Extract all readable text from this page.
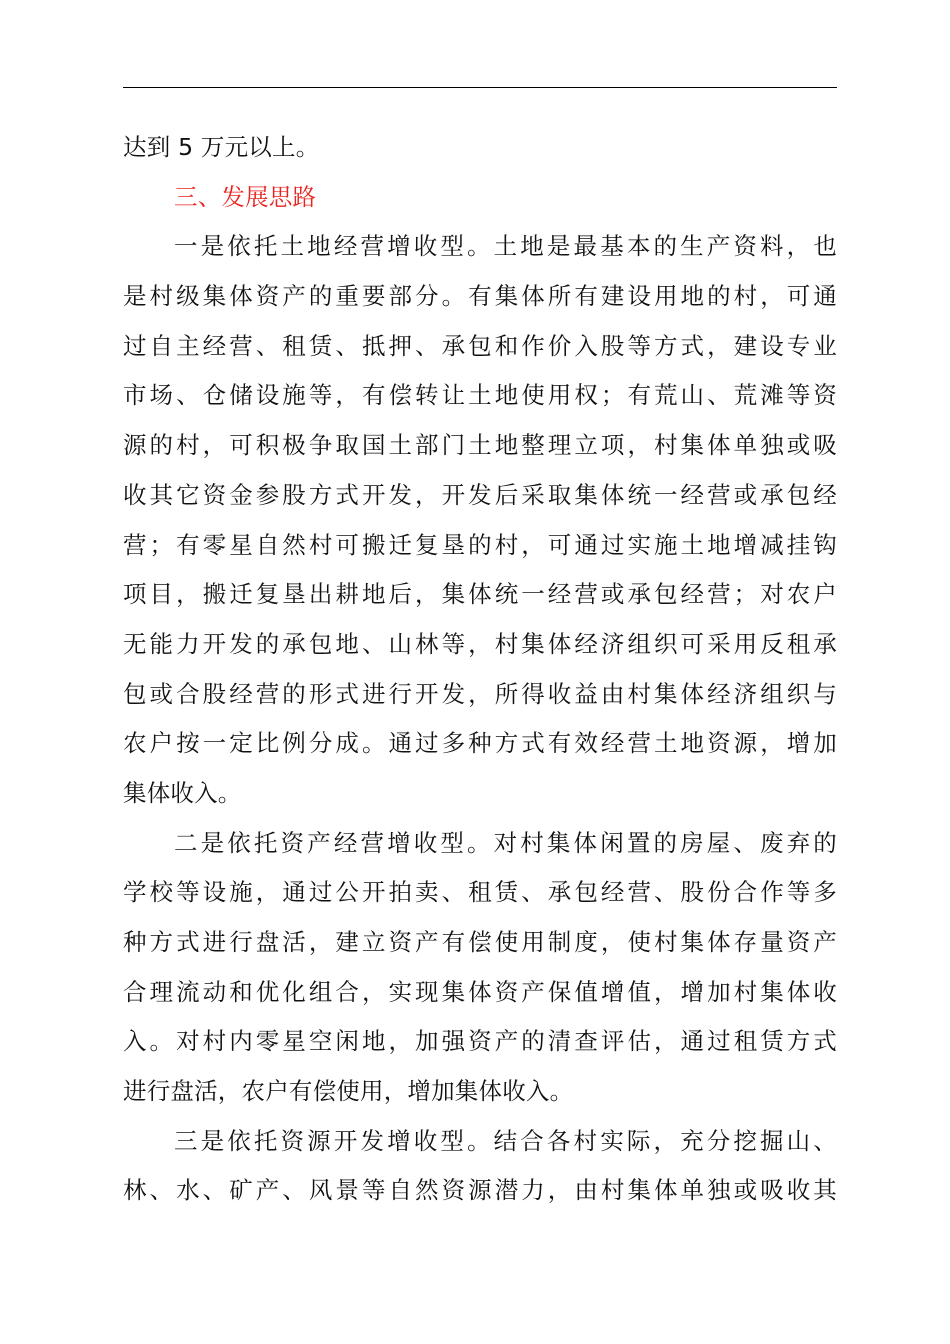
达到 5 万元以上。
三、发展思路
一是依托土地经营增收型。土地是最基本的生产资料，也
是村级集体资产的重要部分。有集体所有建设用地的村，可通
过自主经营、租赁、抵押、承包和作价入股等方式，建设专业
市场、仓储设施等，有偿转让土地使用权；有荒山、荒滩等资
源的村，可积极争取国土部门土地整理立项，村集体单独或吸
收其它资金参股方式开发，开发后采取集体统一经营或承包经
营；有零星自然村可搬迁复垦的村，可通过实施土地增减挂钩
项目，搬迁复垦出耕地后，集体统一经营或承包经营；对农户
无能力开发的承包地、山林等，村集体经济组织可采用反租承
包或合股经营的形式进行开发，所得收益由村集体经济组织与
农户按一定比例分成。通过多种方式有效经营土地资源，增加
集体收入。
二是依托资产经营增收型。对村集体闲置的房屋、废弃的
学校等设施，通过公开拍卖、租赁、承包经营、股份合作等多
种方式进行盘活，建立资产有偿使用制度，使村集体存量资产
合理流动和优化组合，实现集体资产保值增值，增加村集体收
入。对村内零星空闲地，加强资产的清查评估，通过租赁方式
进行盘活，农户有偿使用，增加集体收入。
三是依托资源开发增收型。结合各村实际，充分挖掘山、
林、水、矿产、风景等自然资源潜力，由村集体单独或吸收其
